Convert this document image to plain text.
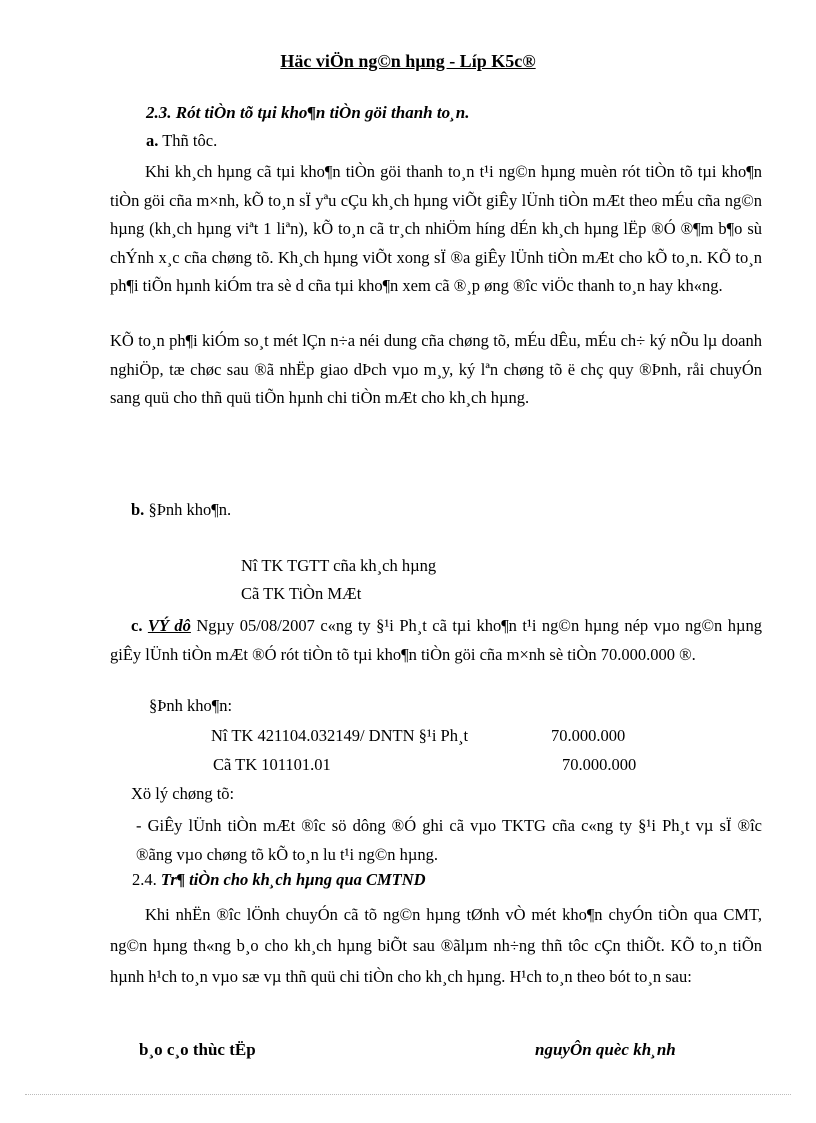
Häc viÖn ng©n hµng - Líp K5c®
2.3. Rót tiÒn tõ tµi kho¶n tiÒn göi thanh to¸n.
a. Thñ tôc.
Khi kh¸ch hµng cã tµi kho¶n tiÒn göi thanh to¸n t¹i ng©n hµng muèn rót tiÒn tõ tµi kho¶n tiÒn göi cña m×nh, kÕ to¸n sÏ yªu cÇu kh¸ch hµng viÕt giÊy lÜnh tiÒn mÆt theo mÉu cña ng©n hµng (kh¸ch hµng viªt 1 liªn), kÕ to¸n cã tr¸ch nhiÖm híng dÉn kh¸ch hµng lËp ®Ó ®¶m b¶o sù chÝnh x¸c cña chøng tõ. Kh¸ch hµng viÕt xong sÏ ®a giÊy lÜnh tiÒn mÆt cho kÕ to¸n. KÕ to¸n ph¶i tiÕn hµnh kiÓm tra sè d cña tµi kho¶n xem cã ®¸p øng ®îc viÖc thanh to¸n hay kh«ng.
KÕ to¸n ph¶i kiÓm so¸t mét lÇn n÷a néi dung cña chøng tõ, mÉu dÊu, mÉu ch÷ ký nÕu lµ doanh nghiÖp, tæ chøc sau ®ã nhËp giao dÞch vµo m¸y, ký lªn chøng tõ ë chç quy ®Þnh, råi chuyÓn sang quü cho thñ quü tiÕn hµnh chi tiÒn mÆt cho kh¸ch hµng.
b. §Þnh kho¶n.
Nî TK TGTT cña kh¸ch hµng
Cã TK TiÒn MÆt
c. VÝ dô Ngµy 05/08/2007 c«ng ty §¹i Ph¸t cã tµi kho¶n t¹i ng©n hµng nép vµo ng©n hµng giÊy lÜnh tiÒn mÆt ®Ó rót tiÒn tõ tµi kho¶n tiÒn göi cña m×nh sè tiÒn 70.000.000 ®.
§Þnh kho¶n:
Nî TK 421104.032149/ DNTN §¹i Ph¸t	70.000.000
Cã TK 101101.01	70.000.000
Xö lý chøng tõ:
- GiÊy lÜnh tiÒn mÆt ®îc sö dông ®Ó ghi cã vµo TKTG cña c«ng ty §¹i Ph¸t vµ sÏ ®îc ®ãng vµo chøng tõ kÕ to¸n lu t¹i ng©n hµng.
2.4. Tr¶ tiÒn cho kh¸ch hµng qua CMTND
Khi nhËn ®îc lÖnh chuyÓn cã tõ ng©n hµng tØnh vÒ mét kho¶n chyÓn tiÒn qua CMT, ng©n hµng th«ng b¸o cho kh¸ch hµng biÕt sau ®ãlµm nh÷ng thñ tôc cÇn thiÕt. KÕ to¸n tiÕn hµnh h¹ch to¸n vµo sæ vµ thñ quü chi tiÒn cho kh¸ch hµng. H¹ch to¸n theo bót to¸n sau:
b¸o c¸o thùc tËp	nguyÔn quèc kh¸nh
